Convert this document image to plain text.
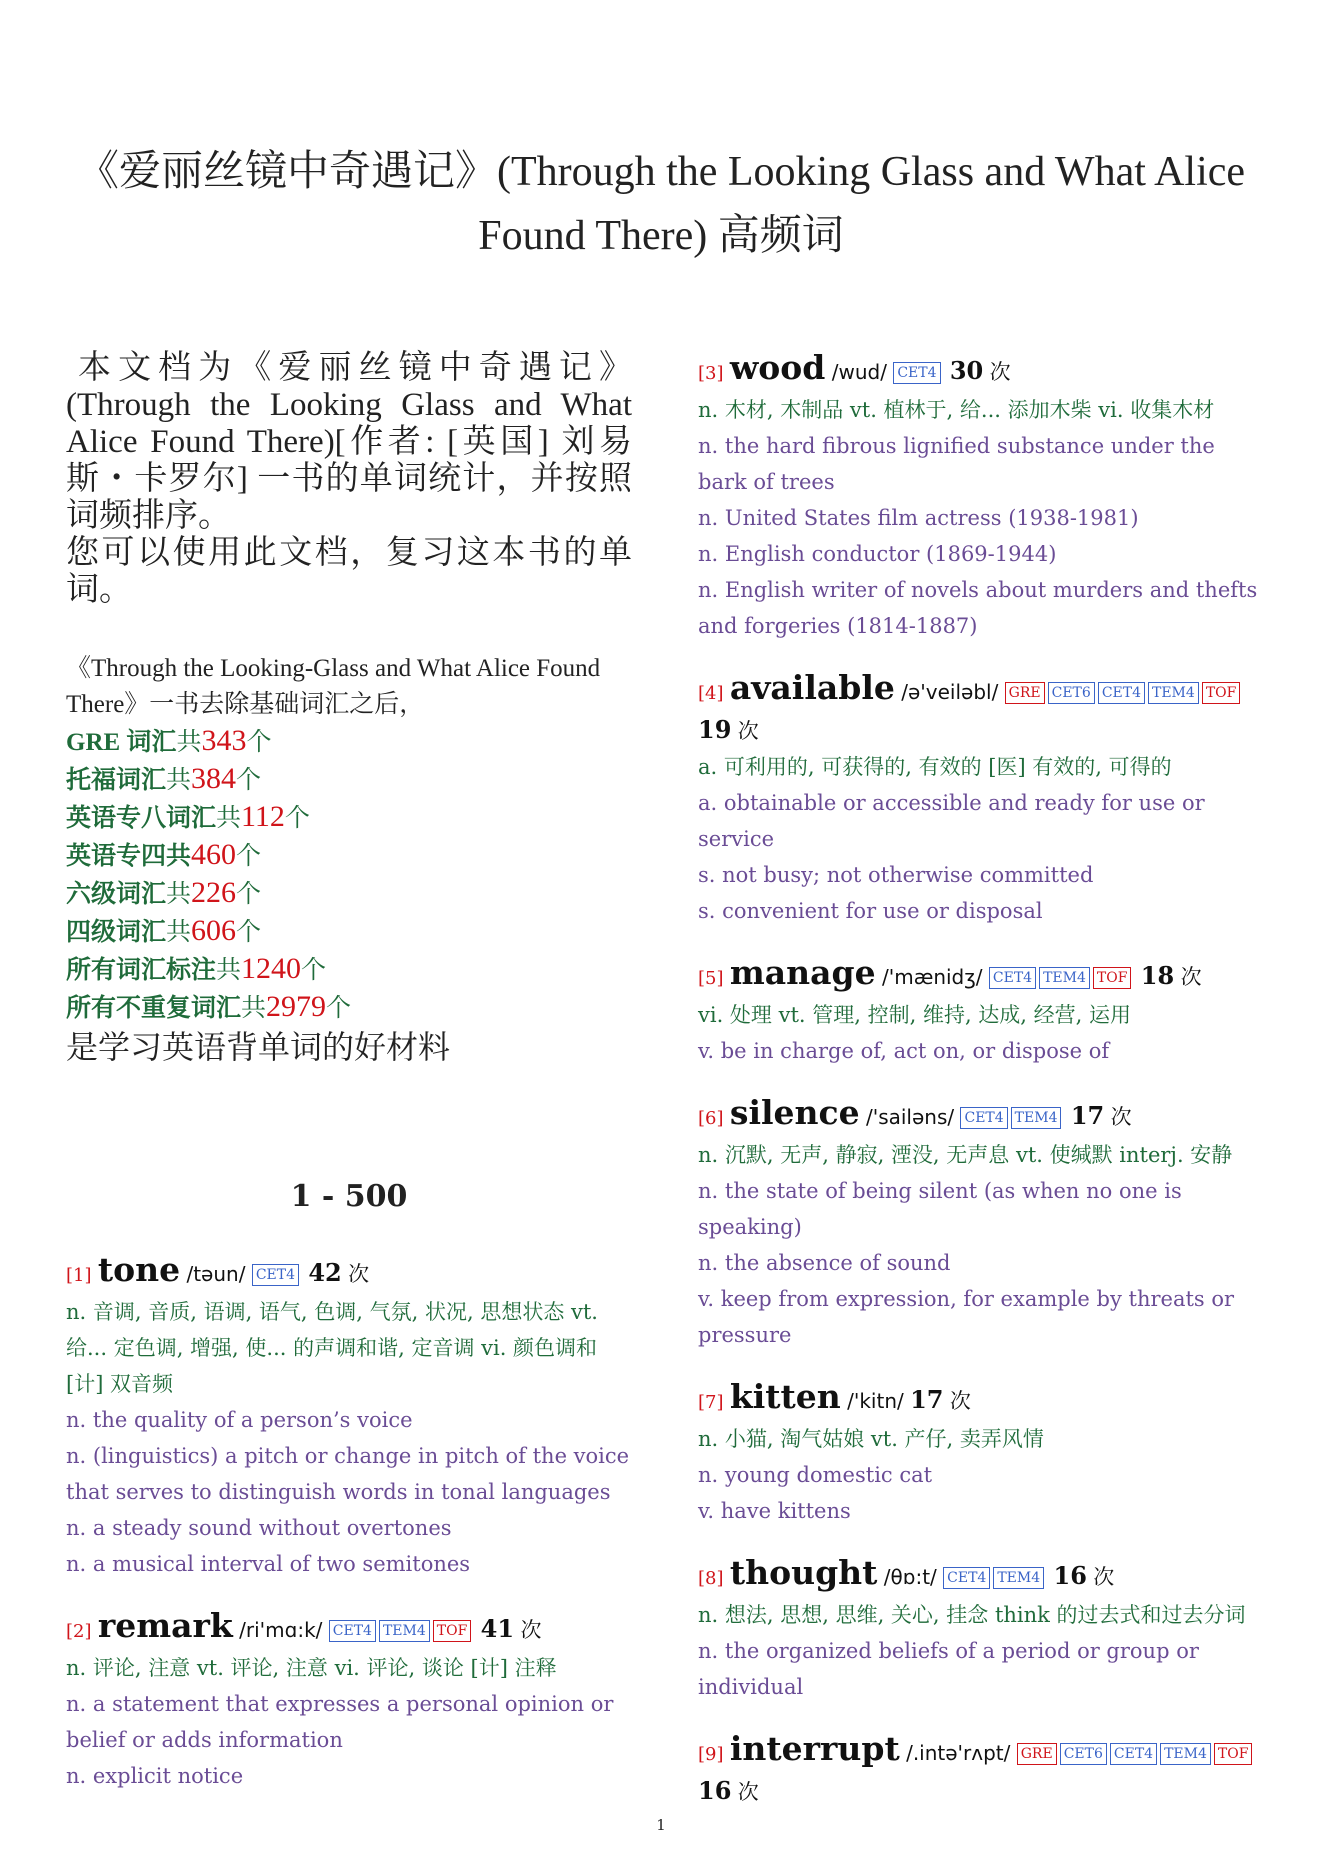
《爱丽丝镜中奇遇记》(Through the Looking Glass and What Alice Found There) 高频词

本文档为《爱丽丝镜中奇遇记》(Through the Looking Glass and What Alice Found There)[作者: [英国] 刘易斯・卡罗尔] 一书的单词统计，并按照词频排序。

您可以使用此文档，复习这本书的单词。

《Through the Looking-Glass and What Alice Found There》一书去除基础词汇之后，
GRE 词汇共343个
托福词汇共384个
英语专八词汇共112个
英语专四共460个
六级词汇共226个
四级词汇共606个
所有词汇标注共1240个
所有不重复词汇共2979个
是学习英语背单词的好材料
1 - 500
[1] tone /təun/ CET4 42 次

n. 音调, 音质, 语调, 语气, 色调, 气氛, 状况, 思想状态 vt. 给... 定色调, 增强, 使... 的声调和谐, 定音调 vi. 颜色调和 [计] 双音频

n. the quality of a person’s voice

n. (linguistics) a pitch or change in pitch of the voice that serves to distinguish words in tonal languages

n. a steady sound without overtones

n. a musical interval of two semitones

[2] remark /ri'mɑ:k/ CET4 TEM4 TOF 41 次

n. 评论, 注意 vt. 评论, 注意 vi. 评论, 谈论 [计] 注释

n. a statement that expresses a personal opinion or belief or adds information

n. explicit notice

[3] wood /wud/ CET4 30 次

n. 木材, 木制品 vt. 植林于, 给... 添加木柴 vi. 收集木材

n. the hard fibrous lignified substance under the bark of trees

n. United States film actress (1938-1981)

n. English conductor (1869-1944)

n. English writer of novels about murders and thefts and forgeries (1814-1887)

[4] available /ə'veiləbl/ GRE CET6 CET4 TEM4 TOF 19 次

a. 可利用的, 可获得的, 有效的 [医] 有效的, 可得的

a. obtainable or accessible and ready for use or service

s. not busy; not otherwise committed

s. convenient for use or disposal

[5] manage /'mænidʒ/ CET4 TEM4 TOF 18 次

vi. 处理 vt. 管理, 控制, 维持, 达成, 经营, 运用

v. be in charge of, act on, or dispose of

[6] silence /'sailəns/ CET4 TEM4 17 次

n. 沉默, 无声, 静寂, 湮没, 无声息 vt. 使缄默 interj. 安静

n. the state of being silent (as when no one is speaking)

n. the absence of sound

v. keep from expression, for example by threats or pressure

[7] kitten /'kitn/ 17 次

n. 小猫, 淘气姑娘 vt. 产仔, 卖弄风情

n. young domestic cat

v. have kittens

[8] thought /θɒ:t/ CET4 TEM4 16 次

n. 想法, 思想, 思维, 关心, 挂念 think 的过去式和过去分词

n. the organized beliefs of a period or group or individual

[9] interrupt /.intə'rʌpt/ GRE CET6 CET4 TEM4 TOF 16 次
1
